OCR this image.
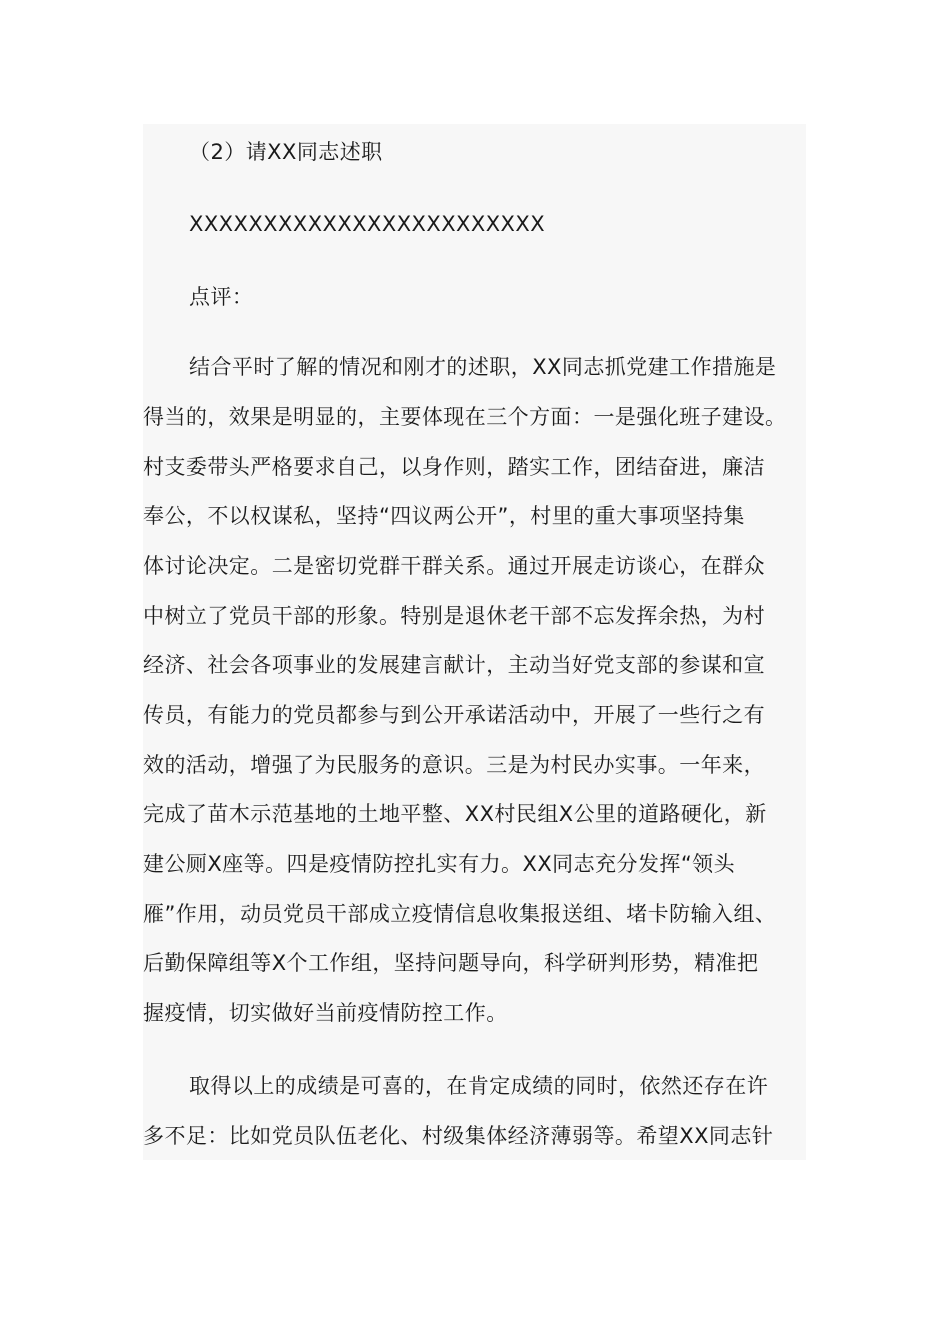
（2）请XX同志述职
XXXXXXXXXXXXXXXXXXXXXXXX
点评：
结合平时了解的情况和刚才的述职，XX同志抓党建工作措施是
得当的，效果是明显的，主要体现在三个方面：一是强化班子建设。
村支委带头严格要求自己，以身作则，踏实工作，团结奋进，廉洁
奉公，不以权谋私，坚持“四议两公开”，村里的重大事项坚持集
体讨论决定。二是密切党群干群关系。通过开展走访谈心，在群众
中树立了党员干部的形象。特别是退休老干部不忘发挥余热，为村
经济、社会各项事业的发展建言献计，主动当好党支部的参谋和宣
传员，有能力的党员都参与到公开承诺活动中，开展了一些行之有
效的活动，增强了为民服务的意识。三是为村民办实事。一年来，
完成了苗木示范基地的土地平整、XX村民组X公里的道路硬化，新
建公厕X座等。四是疫情防控扎实有力。XX同志充分发挥“领头
雁”作用，动员党员干部成立疫情信息收集报送组、堵卡防输入组、
后勤保障组等X个工作组，坚持问题导向，科学研判形势，精准把
握疫情，切实做好当前疫情防控工作。
取得以上的成绩是可喜的，在肯定成绩的同时，依然还存在许
多不足：比如党员队伍老化、村级集体经济薄弱等。希望XX同志针
